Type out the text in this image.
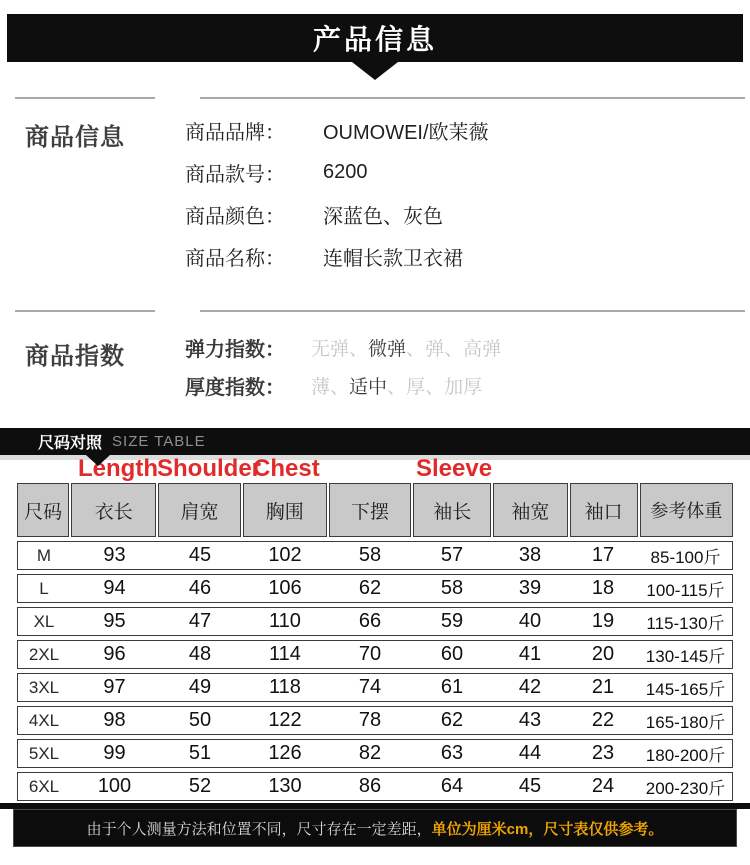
产品信息
商品信息	商品品牌：	OUMOWEI/欧茉薇
商品款号：	6200
商品颜色：	深蓝色、灰色
商品名称：	连帽长款卫衣裙
商品指数	弹力指数：	无弹、微弹、弹、高弹
厚度指数：	薄、适中、厚、加厚
尺码对照 SIZE TABLE
Length Shoulder
Chest	Sleeve
尺码	衣长	肩宽	胸围	下摆	袖长	袖宽	袖口	参考体重
M	93	45	102	58	57	38	17	85-100斤
L	94	46	106	62	58	39	18	100-115斤
XL	95	47	110	66	59	40	19	115-130斤
2XL	96	48	114	70	60	41	20	130-145斤
3XL	97	49	118	74	61	42	21	145-165斤
4XL	98	50	122	78	62	43	22	165-180斤
5XL	99	51	126	82	63	44	23	180-200斤
6XL	100	52	130	86	64	45	24	200-230斤
由于个人测量方法和位置不同，尺寸存在一定差距， 单位为厘米cm，尺寸表仅供参考。
